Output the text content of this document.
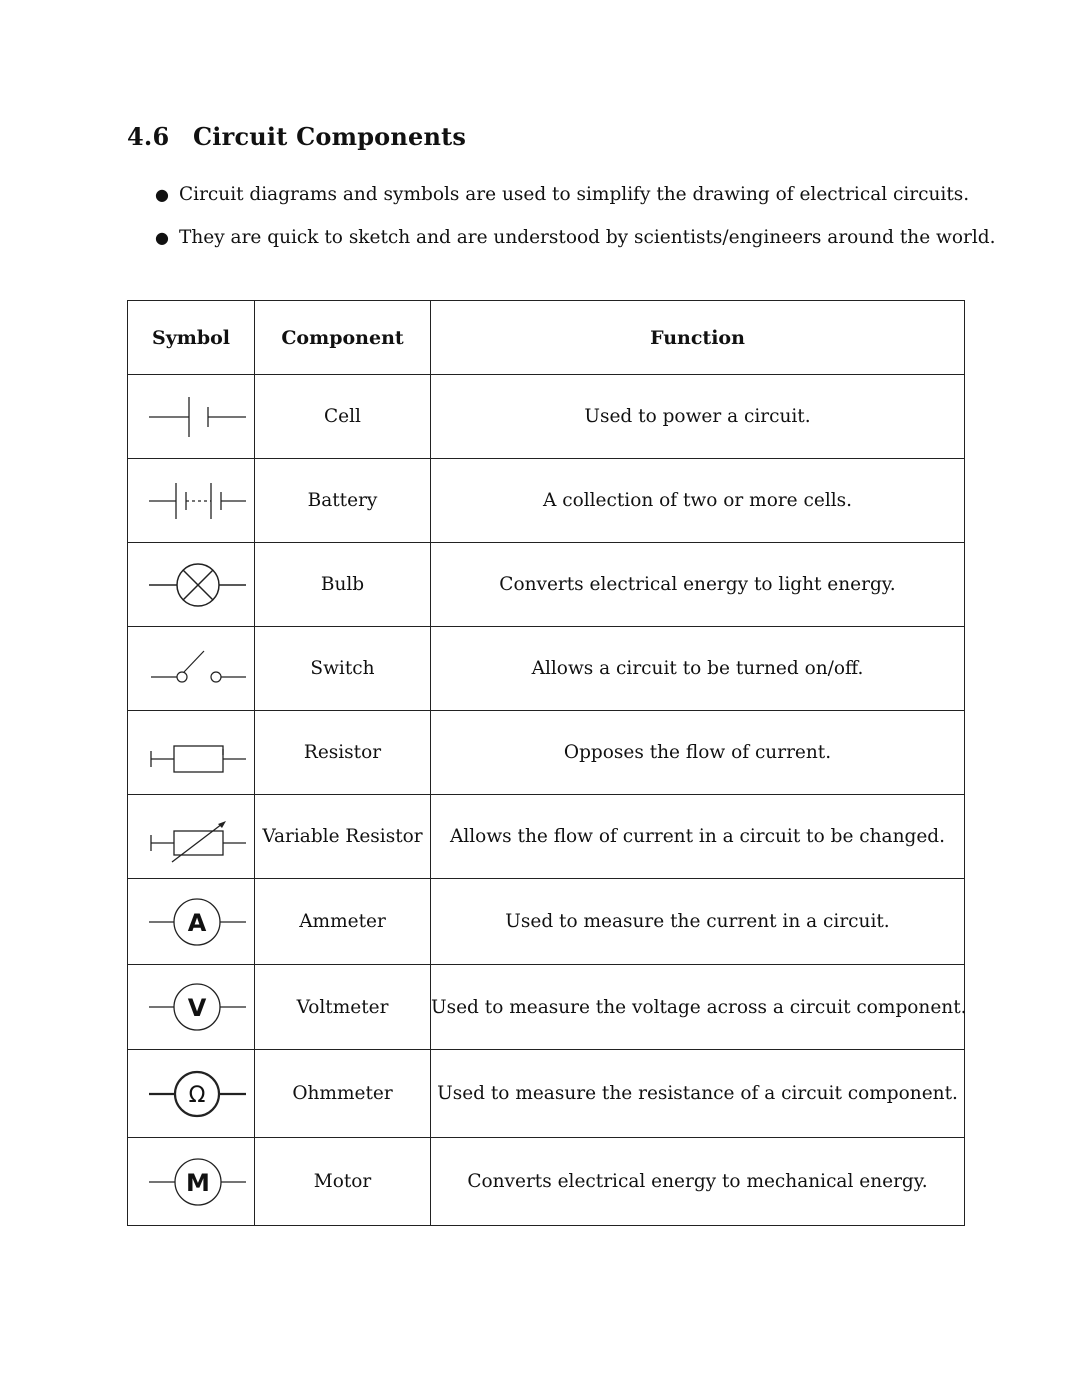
4.6 Circuit Components
● Circuit diagrams and symbols are used to simplify the drawing of electrical circuits.
● They are quick to sketch and are understood by scientists/engineers around the world.
Symbol	Component	Function

	Cell	Used to power a circuit.

	Battery	A collection of two or more cells.

	Bulb	Converts electrical energy to light energy.

	Switch	Allows a circuit to be turned on/off.

	Resistor	Opposes the flow of current.

	Variable Resistor	Allows the flow of current in a circuit to be changed.

A	Ammeter	Used to measure the current in a circuit.

V	Voltmeter	Used to measure the voltage across a circuit component.

Ω	Ohmmeter	Used to measure the resistance of a circuit component.

M	Motor	Converts electrical energy to mechanical energy.
